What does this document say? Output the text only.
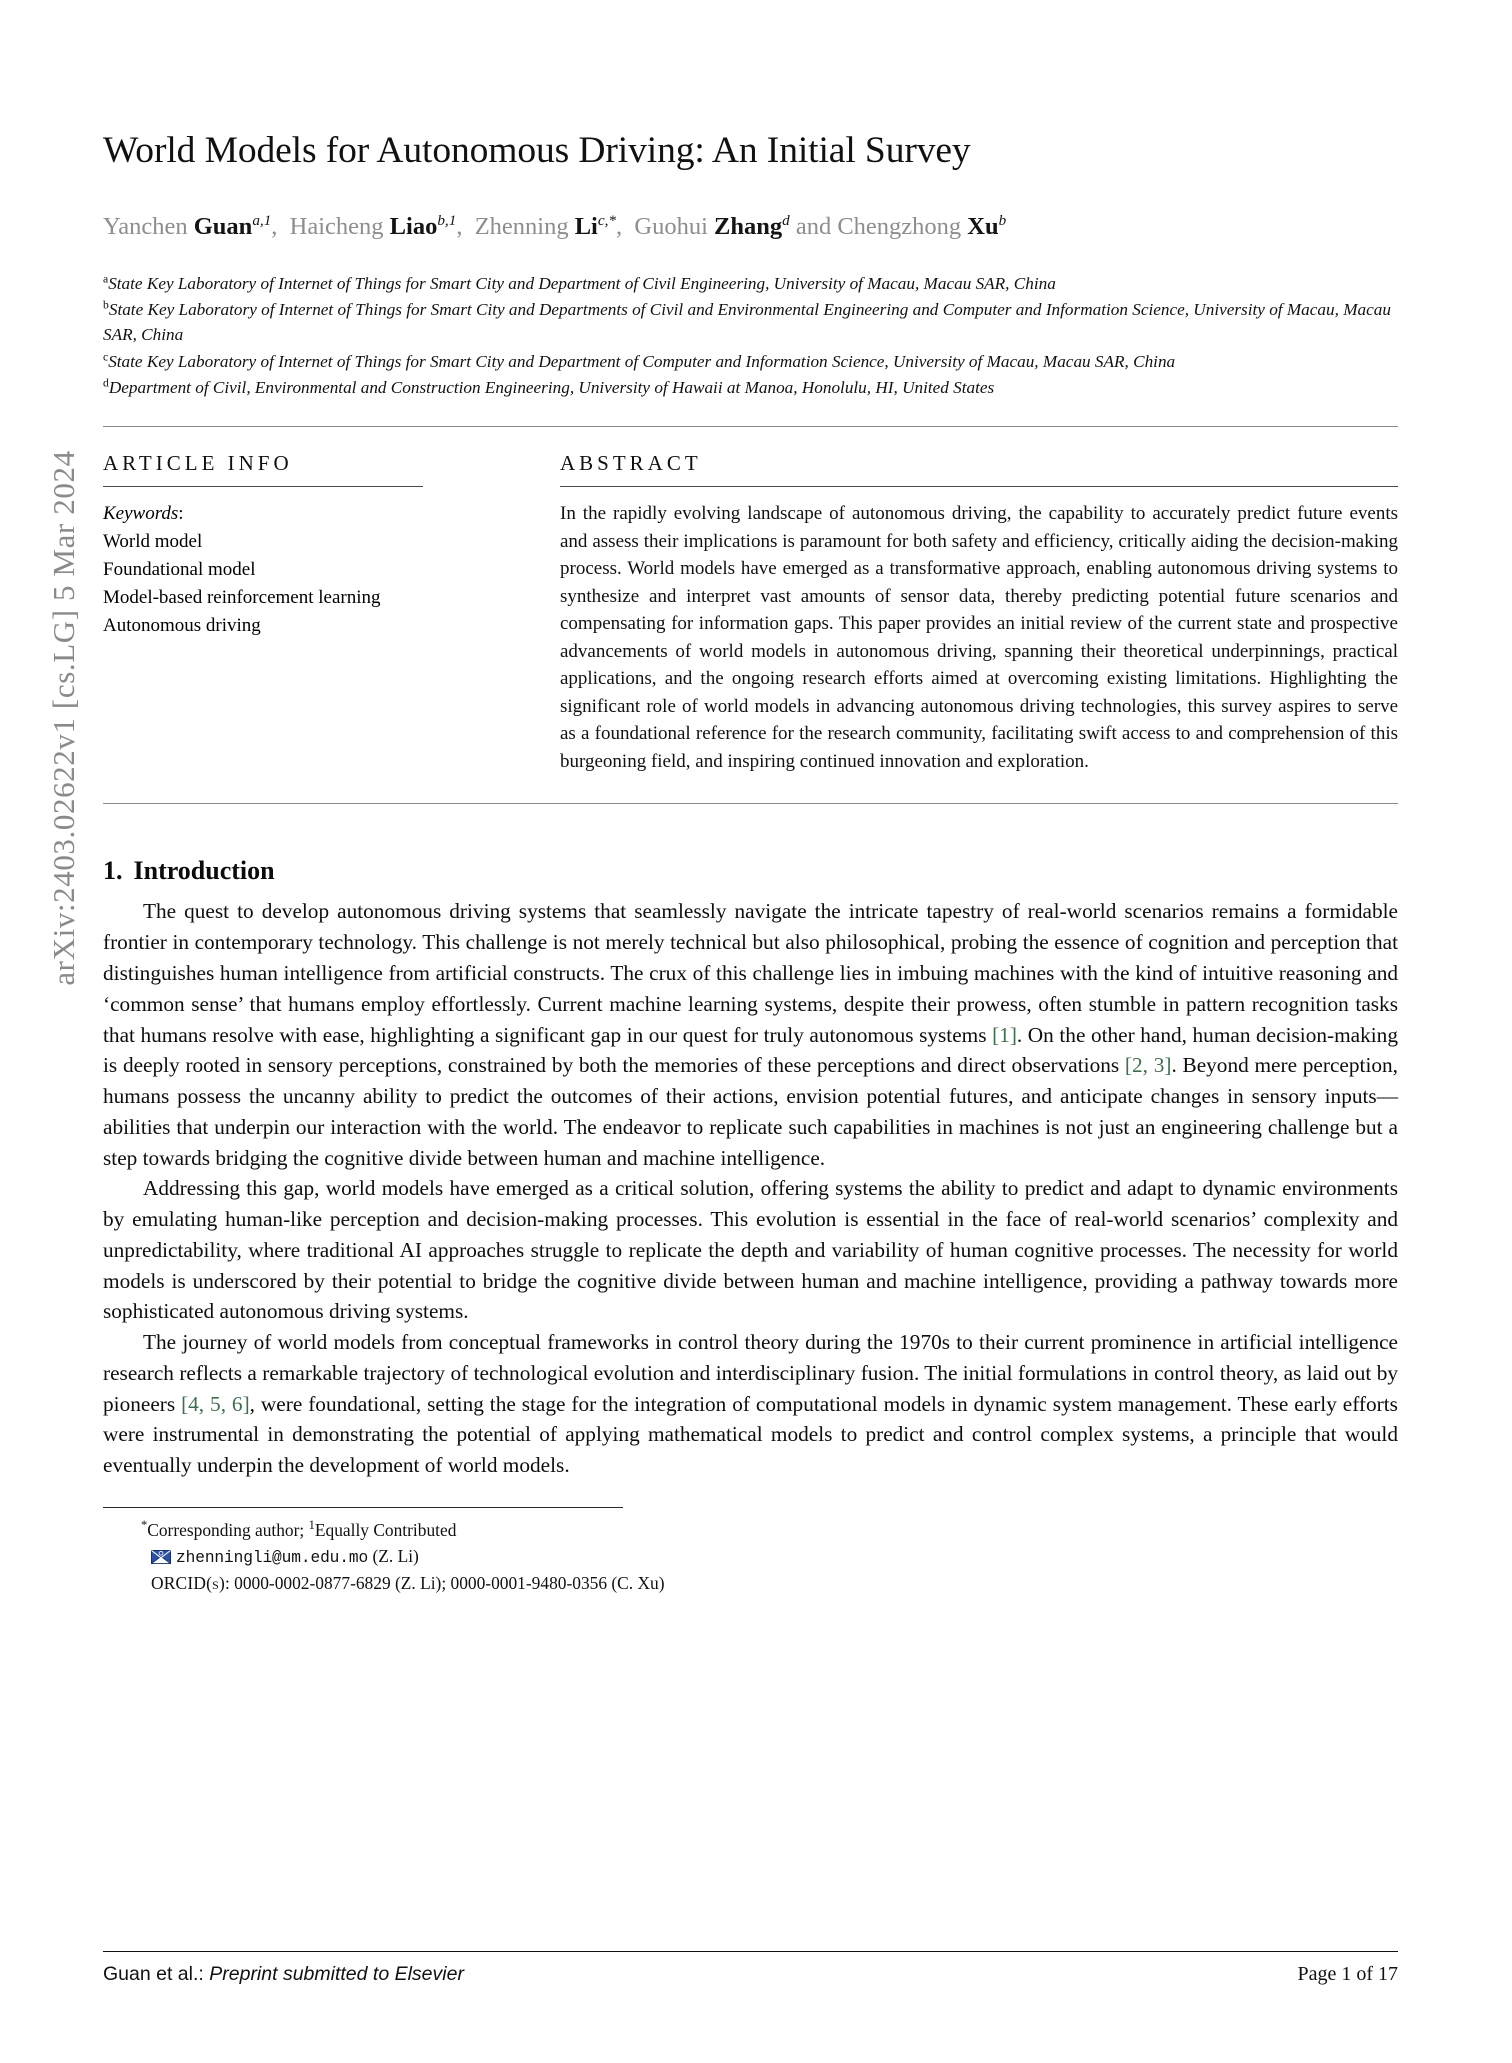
arXiv:2403.02622v1 [cs.LG] 5 Mar 2024
World Models for Autonomous Driving: An Initial Survey
Yanchen Guan$^{a,1}$,  Haicheng Liao$^{b,1}$,  Zhenning $Li^{c,*}$,  Guohui Zhang$^d$ and Chengzhong Xu$^b$

$^a$State Key Laboratory of Internet of Things for Smart City and Department of Civil Engineering, University of Macau, Macau SAR, China

$^b$State Key Laboratory of Internet of Things for Smart City and Departments of Civil and Environmental Engineering and Computer and Information Science, University of Macau, Macau SAR, China

$^c$State Key Laboratory of Internet of Things for Smart City and Department of Computer and Information Science, University of Macau, Macau SAR, China

$^d$Department of Civil, Environmental and Construction Engineering, University of Hawaii at Manoa, Honolulu, HI, United States

ARTICLE INFO

Keywords:

World model

Foundational model

Model-based reinforcement learning

Autonomous driving

ABSTRACT

In the rapidly evolving landscape of autonomous driving, the capability to accurately predict future events and assess their implications is paramount for both safety and efficiency, critically aiding the decision-making process. World models have emerged as a transformative approach, enabling autonomous driving systems to synthesize and interpret vast amounts of sensor data, thereby predicting potential future scenarios and compensating for information gaps. This paper provides an initial review of the current state and prospective advancements of world models in autonomous driving, spanning their theoretical underpinnings, practical applications, and the ongoing research efforts aimed at overcoming existing limitations. Highlighting the significant role of world models in advancing autonomous driving technologies, this survey aspires to serve as a foundational reference for the research community, facilitating swift access to and comprehension of this burgeoning field, and inspiring continued innovation and exploration.

1. Introduction

The quest to develop autonomous driving systems that seamlessly navigate the intricate tapestry of real-world scenarios remains a formidable frontier in contemporary technology. This challenge is not merely technical but also philosophical, probing the essence of cognition and perception that distinguishes human intelligence from artificial constructs. The crux of this challenge lies in imbuing machines with the kind of intuitive reasoning and ‘common sense’ that humans employ effortlessly. Current machine learning systems, despite their prowess, often stumble in pattern recognition tasks that humans resolve with ease, highlighting a significant gap in our quest for truly autonomous systems [1]. On the other hand, human decision-making is deeply rooted in sensory perceptions, constrained by both the memories of these perceptions and direct observations [2, 3]. Beyond mere perception, humans possess the uncanny ability to predict the outcomes of their actions, envision potential futures, and anticipate changes in sensory inputs—abilities that underpin our interaction with the world. The endeavor to replicate such capabilities in machines is not just an engineering challenge but a step towards bridging the cognitive divide between human and machine intelligence.

Addressing this gap, world models have emerged as a critical solution, offering systems the ability to predict and adapt to dynamic environments by emulating human-like perception and decision-making processes. This evolution is essential in the face of real-world scenarios’ complexity and unpredictability, where traditional AI approaches struggle to replicate the depth and variability of human cognitive processes. The necessity for world models is underscored by their potential to bridge the cognitive divide between human and machine intelligence, providing a pathway towards more sophisticated autonomous driving systems.

The journey of world models from conceptual frameworks in control theory during the 1970s to their current prominence in artificial intelligence research reflects a remarkable trajectory of technological evolution and interdisciplinary fusion. The initial formulations in control theory, as laid out by pioneers [4, 5, 6], were foundational, setting the stage for the integration of computational models in dynamic system management. These early efforts were instrumental in demonstrating the potential of applying mathematical models to predict and control complex systems, a principle that would eventually underpin the development of world models.

*Corresponding author; $^1$Equally Contributed

zhenningli@um.edu.mo (Z. Li)

ORCID(s): 0000-0002-0877-6829 (Z. Li); 0000-0001-9480-0356 (C. Xu)

Guan et al.: Preprint submitted to Elsevier	Page 1 of 17
